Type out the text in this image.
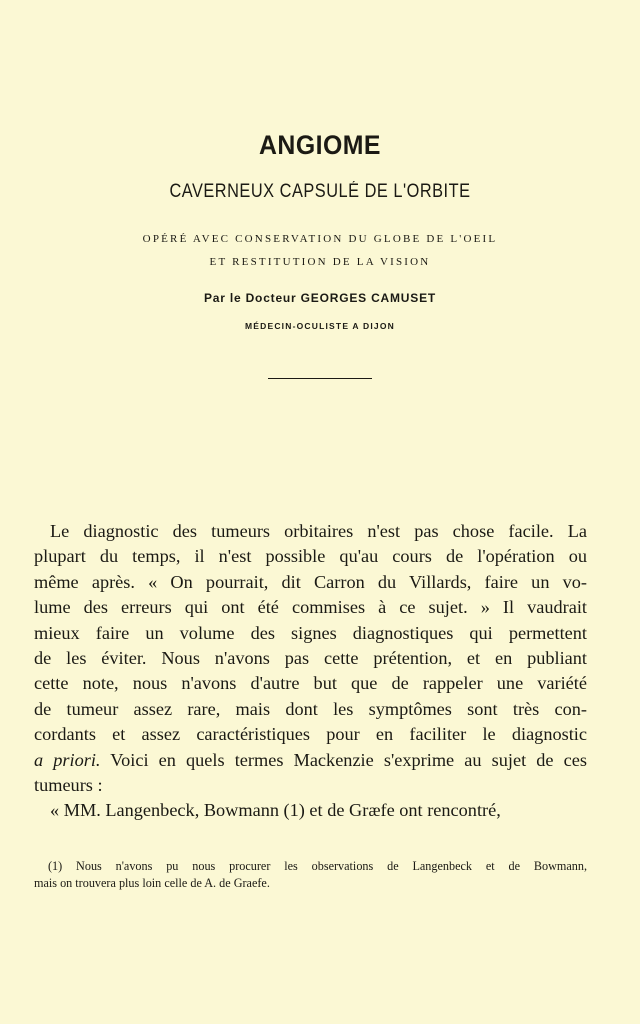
ANGIOME
CAVERNEUX CAPSULÉ DE L'ORBITE
OPÉRÉ AVEC CONSERVATION DU GLOBE DE L'OEIL
ET RESTITUTION DE LA VISION
Par le Docteur GEORGES CAMUSET
MÉDECIN-OCULISTE A DIJON
Le diagnostic des tumeurs orbitaires n'est pas chose facile. La
plupart du temps, il n'est possible qu'au cours de l'opération ou
même après. « On pourrait, dit Carron du Villards, faire un vo-
lume des erreurs qui ont été commises à ce sujet. » Il vaudrait
mieux faire un volume des signes diagnostiques qui permettent
de les éviter. Nous n'avons pas cette prétention, et en publiant
cette note, nous n'avons d'autre but que de rappeler une variété
de tumeur assez rare, mais dont les symptômes sont très con-
cordants et assez caractéristiques pour en faciliter le diagnostic
a priori. Voici en quels termes Mackenzie s'exprime au sujet de ces
tumeurs :
« MM. Langenbeck, Bowmann (1) et de Græfe ont rencontré,
(1) Nous n'avons pu nous procurer les observations de Langenbeck et de Bowmann,
mais on trouvera plus loin celle de A. de Graefe.
